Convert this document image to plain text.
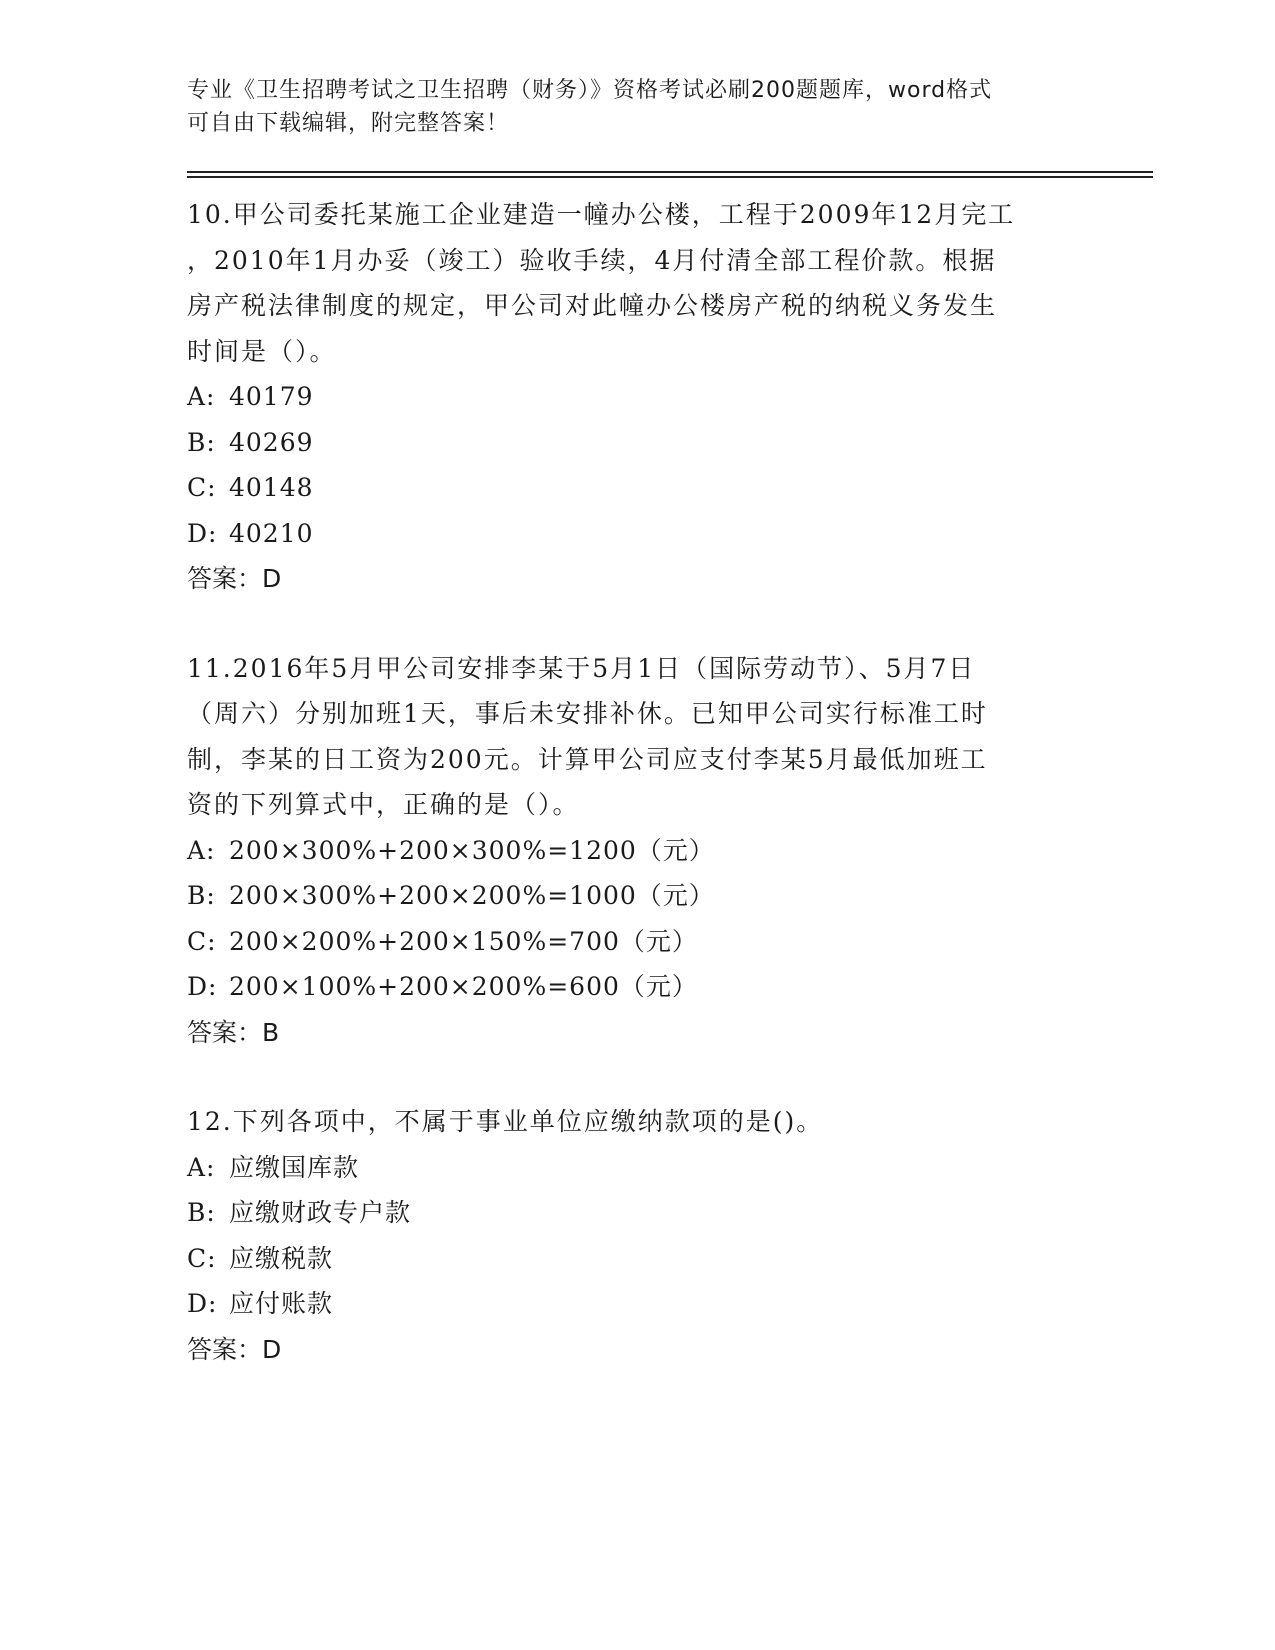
专业《卫生招聘考试之卫生招聘（财务）》资格考试必刷200题题库，word格式
可自由下载编辑，附完整答案！

10.甲公司委托某施工企业建造一幢办公楼，工程于2009年12月完工

，2010年1月办妥（竣工）验收手续，4月付清全部工程价款。根据

房产税法律制度的规定，甲公司对此幢办公楼房产税的纳税义务发生

时间是（）。

A: 40179

B: 40269

C: 40148

D: 40210

答案：D

11.2016年5月甲公司安排李某于5月1日（国际劳动节）、5月7日

（周六）分别加班1天，事后未安排补休。已知甲公司实行标准工时

制，李某的日工资为200元。计算甲公司应支付李某5月最低加班工

资的下列算式中，正确的是（）。

A: 200×300%+200×300%=1200（元）

B: 200×300%+200×200%=1000（元）

C: 200×200%+200×150%=700（元）

D: 200×100%+200×200%=600（元）

答案：B

12.下列各项中，不属于事业单位应缴纳款项的是()。

A: 应缴国库款

B: 应缴财政专户款

C: 应缴税款

D: 应付账款

答案：D
